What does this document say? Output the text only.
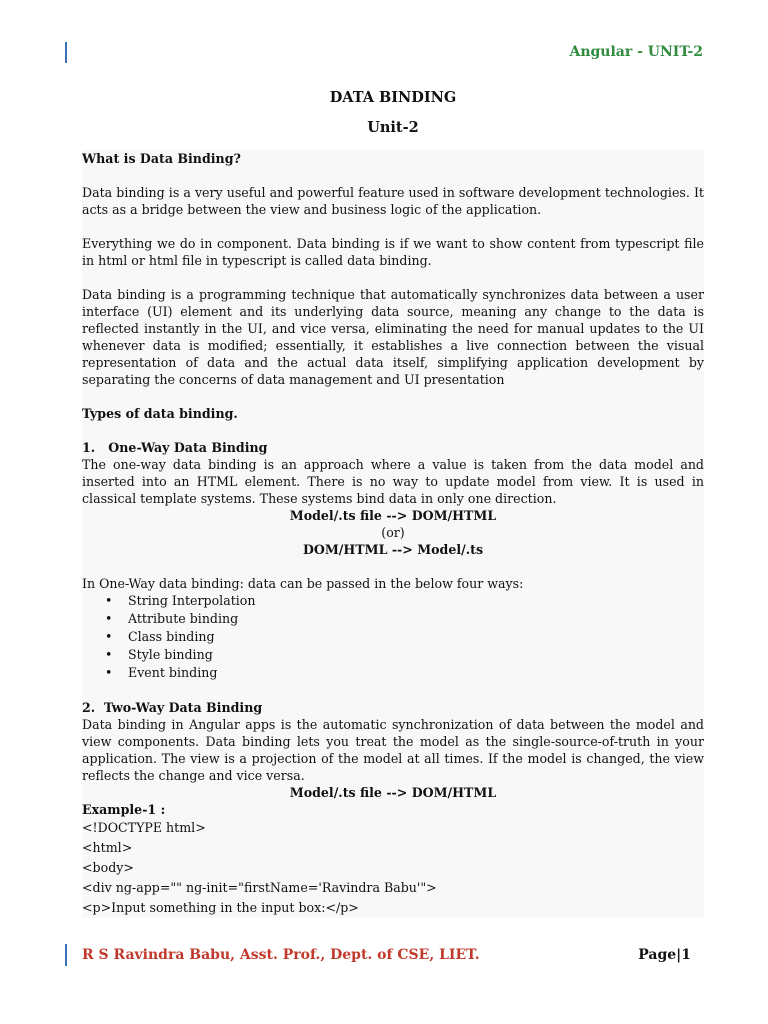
Angular - UNIT-2
DATA BINDING
Unit-2

What is Data Binding?

Data binding is a very useful and powerful feature used in software development technologies. It acts as a bridge between the view and business logic of the application.

Everything we do in component. Data binding is if we want to show content from typescript file in html or html file in typescript is called data binding.

Data binding is a programming technique that automatically synchronizes data between a user interface (UI) element and its underlying data source, meaning any change to the data is reflected instantly in the UI, and vice versa, eliminating the need for manual updates to the UI whenever data is modified; essentially, it establishes a live connection between the visual representation of data and the actual data itself, simplifying application development by separating the concerns of data management and UI presentation

Types of data binding.

1.   One-Way Data Binding

The one-way data binding is an approach where a value is taken from the data model and inserted into an HTML element. There is no way to update model from view. It is used in classical template systems. These systems bind data in only one direction.

Model/.ts file --> DOM/HTML

(or)

DOM/HTML --> Model/.ts

In One-Way data binding: data can be passed in the below four ways:

• String Interpolation
• Attribute binding
• Class binding
• Style binding
• Event binding

2.  Two-Way Data Binding

Data binding in Angular apps is the automatic synchronization of data between the model and view components. Data binding lets you treat the model as the single-source-of-truth in your application. The view is a projection of the model at all times. If the model is changed, the view reflects the change and vice versa.

Model/.ts file --> DOM/HTML

Example-1 :

<!DOCTYPE html>
<html>
<body>
<div ng-app="" ng-init="firstName='Ravindra Babu'">
<p>Input something in the input box:</p>
R S Ravindra Babu, Asst. Prof., Dept. of CSE, LIET.	Page|1
